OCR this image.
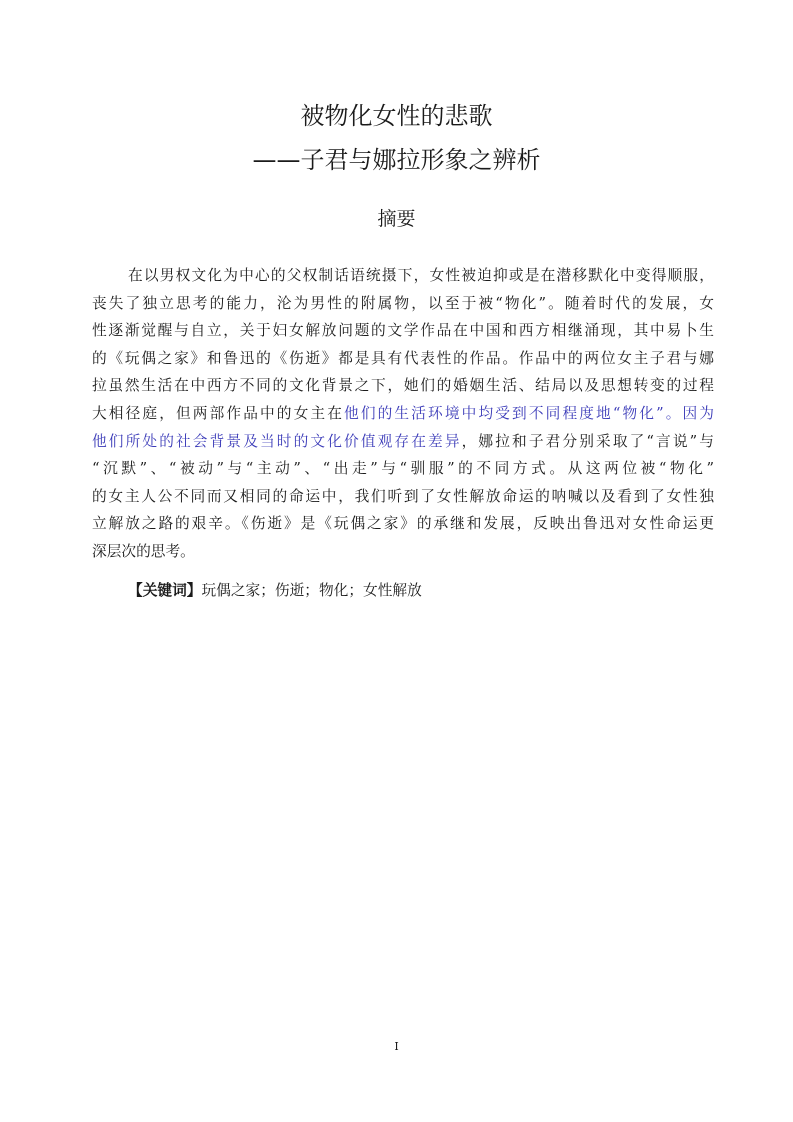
被物化女性的悲歌
——子君与娜拉形象之辨析
摘要
在以男权文化为中心的父权制话语统摄下，女性被迫抑或是在潜移默化中变得顺服，
丧失了独立思考的能力，沦为男性的附属物，以至于被“物化”。随着时代的发展，女
性逐渐觉醒与自立，关于妇女解放问题的文学作品在中国和西方相继涌现，其中易卜生
的《玩偶之家》和鲁迅的《伤逝》都是具有代表性的作品。作品中的两位女主子君与娜
拉虽然生活在中西方不同的文化背景之下，她们的婚姻生活、结局以及思想转变的过程
大相径庭，但两部作品中的女主在他们的生活环境中均受到不同程度地“物化”。因为
他们所处的社会背景及当时的文化价值观存在差异，娜拉和子君分别采取了“言说”与
“沉默”、“被动”与“主动”、“出走”与“驯服”的不同方式。从这两位被“物化”
的女主人公不同而又相同的命运中，我们听到了女性解放命运的呐喊以及看到了女性独
立解放之路的艰辛。《伤逝》是《玩偶之家》的承继和发展，反映出鲁迅对女性命运更
深层次的思考。
【关键词】玩偶之家；伤逝；物化；女性解放
I
